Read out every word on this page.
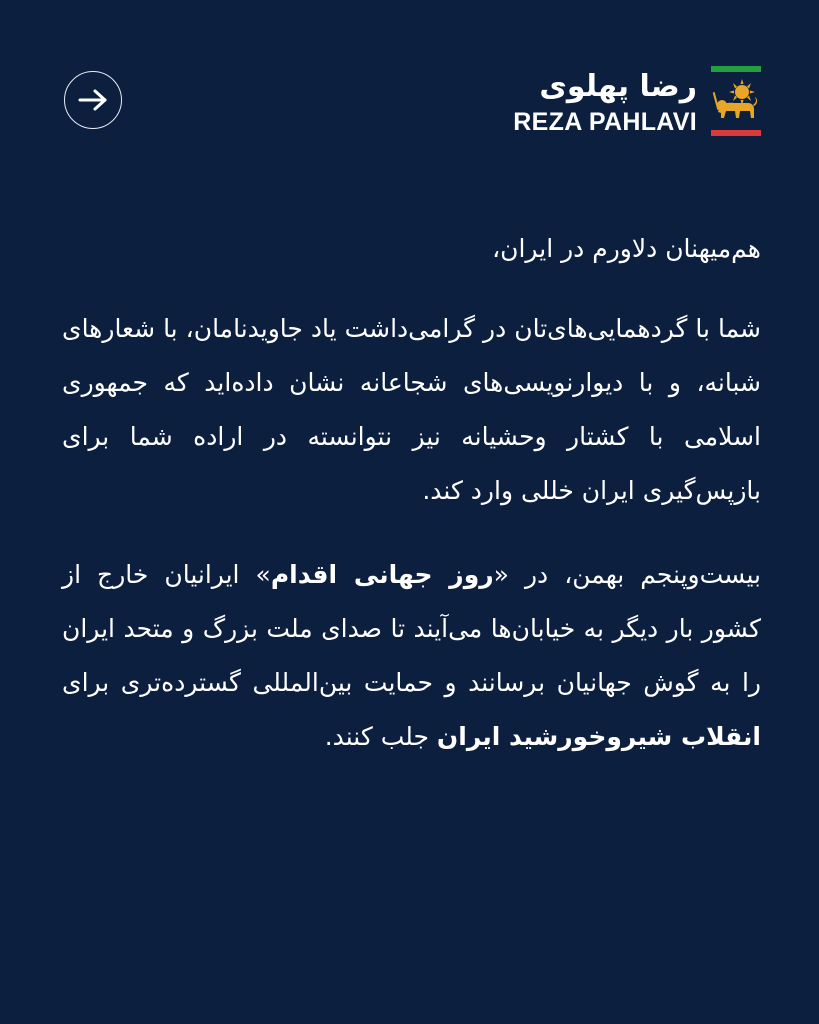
رضا پهلوی
REZA PAHLAVI

هم‌میهنان دلاورم در ایران،

شما با گردهمایی‌های‌تان در گرامی‌داشت یاد جاویدنامان، با شعارهای شبانه، و با دیوارنویسی‌های شجاعانه نشان داده‌اید که جمهوری اسلامی با کشتار وحشیانه نیز نتوانسته در اراده شما برای بازپس‌گیری ایران خللی وارد کند.

بیست‌وپنجم بهمن، در «روز جهانی اقدام» ایرانیان خارج از کشور بار دیگر به خیابان‌ها می‌آیند تا صدای ملت بزرگ و متحد ایران را به گوش جهانیان برسانند و حمایت بین‌المللی گسترده‌تری برای انقلاب شیروخورشید ایران جلب کنند.
